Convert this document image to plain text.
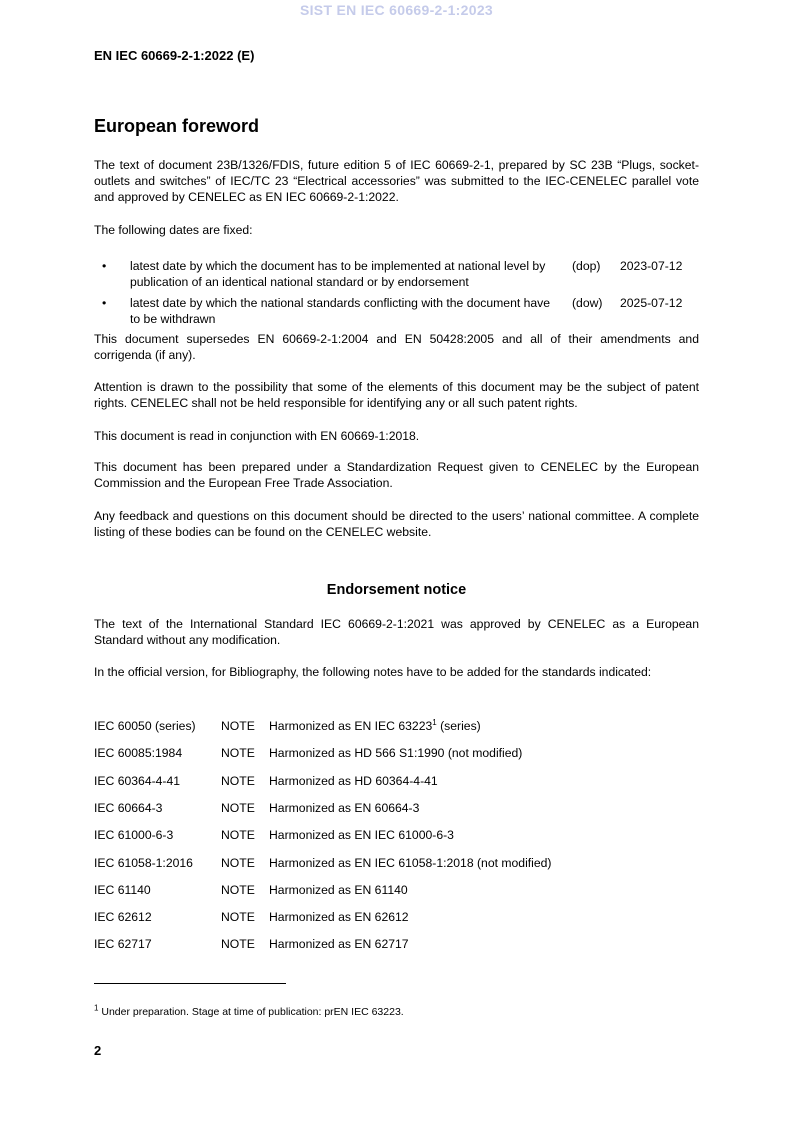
SIST EN IEC 60669-2-1:2023
EN IEC 60669-2-1:2022 (E)
European foreword
The text of document 23B/1326/FDIS, future edition 5 of IEC 60669-2-1, prepared by SC 23B “Plugs, socket-outlets and switches” of IEC/TC 23 “Electrical accessories” was submitted to the IEC-CENELEC parallel vote and approved by CENELEC as EN IEC 60669-2-1:2022.
The following dates are fixed:
• latest date by which the document has to be implemented at national level by publication of an identical national standard or by endorsement
(dop) 2023-07-12
• latest date by which the national standards conflicting with the document have to be withdrawn
(dow) 2025-07-12
This document supersedes EN 60669-2-1:2004 and EN 50428:2005 and all of their amendments and corrigenda (if any).
Attention is drawn to the possibility that some of the elements of this document may be the subject of patent rights. CENELEC shall not be held responsible for identifying any or all such patent rights.
This document is read in conjunction with EN 60669-1:2018.
This document has been prepared under a Standardization Request given to CENELEC by the European Commission and the European Free Trade Association.
Any feedback and questions on this document should be directed to the users’ national committee. A complete listing of these bodies can be found on the CENELEC website.
Endorsement notice
The text of the International Standard IEC 60669-2-1:2021 was approved by CENELEC as a European Standard without any modification.
In the official version, for Bibliography, the following notes have to be added for the standards indicated:
IEC 60050 (series) NOTE Harmonized as EN IEC 63223$^1$ (series)
IEC 60085:1984	NOTE Harmonized as HD 566 S1:1990 (not modified)
IEC 60364-4-41	NOTE Harmonized as HD 60364-4-41
IEC 60664-3	NOTE Harmonized as EN 60664-3
IEC 61000-6-3	NOTE Harmonized as EN IEC 61000-6-3
IEC 61058-1:2016 NOTE Harmonized as EN IEC 61058-1:2018 (not modified)
IEC 61140	NOTE Harmonized as EN 61140
IEC 62612	NOTE Harmonized as EN 62612
IEC 62717	NOTE Harmonized as EN 62717
$^1$ Under preparation. Stage at time of publication: prEN IEC 63223.
2
